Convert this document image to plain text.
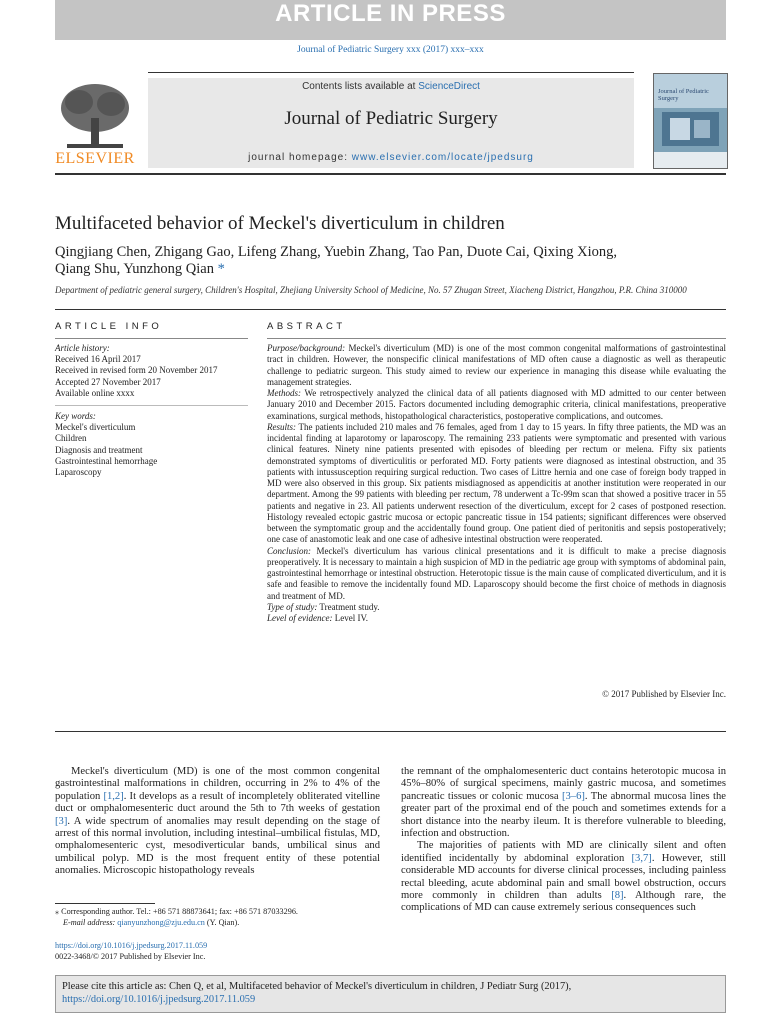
ARTICLE IN PRESS
Journal of Pediatric Surgery xxx (2017) xxx–xxx
ELSEVIER
Contents lists available at ScienceDirect
Journal of Pediatric Surgery
journal homepage: www.elsevier.com/locate/jpedsurg
Journal of Pediatric Surgery
Multifaceted behavior of Meckel's diverticulum in children
Qingjiang Chen, Zhigang Gao, Lifeng Zhang, Yuebin Zhang, Tao Pan, Duote Cai, Qixing Xiong,
Qiang Shu, Yunzhong Qian *
Department of pediatric general surgery, Children's Hospital, Zhejiang University School of Medicine, No. 57 Zhugan Street, Xiacheng District, Hangzhou, P.R. China 310000
ARTICLE INFO	ABSTRACT
Article history:
Received 16 April 2017
Received in revised form 20 November 2017
Accepted 27 November 2017
Available online xxxx
Key words:
Meckel's diverticulum
Children
Diagnosis and treatment
Gastrointestinal hemorrhage
Laparoscopy

Purpose/background: Meckel's diverticulum (MD) is one of the most common congenital malformations of gastrointestinal tract in children. However, the nonspecific clinical manifestations of MD often cause a diagnostic as well as therapeutic challenge to pediatric surgeon. This study aimed to review our experience in managing this disease while evaluating the management strategies.

Methods: We retrospectively analyzed the clinical data of all patients diagnosed with MD admitted to our center between January 2010 and December 2015. Factors documented including demographic criteria, clinical manifestations, preoperative examinations, surgical methods, histopathological characteristics, postoperative complications, and outcomes.

Results: The patients included 210 males and 76 females, aged from 1 day to 15 years. In fifty three patients, the MD was an incidental finding at laparotomy or laparoscopy. The remaining 233 patients were symptomatic and presented with various clinical features. Ninety nine patients presented with episodes of bleeding per rectum or melena. Fifty six patients demonstrated symptoms of diverticulitis or perforated MD. Forty patients were diagnosed as intestinal obstruction, and 35 patients with intussusception requiring surgical reduction. Two cases of Littre hernia and one case of foreign body trapped in MD were also observed in this group. Six patients misdiagnosed as appendicitis at another institution were reoperated in our department. Among the 99 patients with bleeding per rectum, 78 underwent a Tc-99m scan that showed a positive tracer in 55 patients and negative in 23. All patients underwent resection of the diverticulum, except for 2 cases of postponed resection. Histology revealed ectopic gastric mucosa or ectopic pancreatic tissue in 154 patients; significant differences were observed between the symptomatic group and the accidentally found group. One patient died of peritonitis and sepsis postoperatively; one case of anastomotic leak and one case of adhesive intestinal obstruction were reoperated.

Conclusion: Meckel's diverticulum has various clinical presentations and it is difficult to make a precise diagnosis preoperatively. It is necessary to maintain a high suspicion of MD in the pediatric age group with symptoms of abdominal pain, gastrointestinal hemorrhage or intestinal obstruction. Heterotopic tissue is the main cause of complicated diverticulum, and it is safe and feasible to remove the incidentally found MD. Laparoscopy should become the first choice of methods in diagnosis and treatment of MD.

Type of study: Treatment study.

Level of evidence: Level IV.

© 2017 Published by Elsevier Inc.

Meckel's diverticulum (MD) is one of the most common congenital gastrointestinal malformations in children, occurring in 2% to 4% of the population [1,2]. It develops as a result of incompletely obliterated vitelline duct or omphalomesenteric duct around the 5th to 7th weeks of gestation [3]. A wide spectrum of anomalies may result depending on the stage of arrest of this normal involution, including intestinal–umbilical fistulas, MD, omphalomesenteric cyst, mesodiverticular bands, umbilical sinus and umbilical polyp. MD is the most frequent entity of these potential anomalies. Microscopic histopathology reveals

the remnant of the omphalomesenteric duct contains heterotopic mucosa in 45%–80% of surgical specimens, mainly gastric mucosa, and sometimes pancreatic tissues or colonic mucosa [3–6]. The abnormal mucosa lines the greater part of the proximal end of the pouch and sometimes extends for a short distance into the nearby ileum. It is therefore vulnerable to bleeding, infection and obstruction.

The majorities of patients with MD are clinically silent and often identified incidentally by abdominal exploration [3,7]. However, still considerable MD accounts for diverse clinical processes, including painless rectal bleeding, acute abdominal pain and small bowel obstruction, occurs more commonly in children than adults [8]. Although rare, the complications of MD can cause extremely serious consequences such

⁎ Corresponding author. Tel.: +86 571 88873641; fax: +86 571 87033296.
E-mail address: qianyunzhong@zju.edu.cn (Y. Qian).
https://doi.org/10.1016/j.jpedsurg.2017.11.059
0022-3468/© 2017 Published by Elsevier Inc.
Please cite this article as: Chen Q, et al, Multifaceted behavior of Meckel's diverticulum in children, J Pediatr Surg (2017), https://doi.org/10.1016/j.jpedsurg.2017.11.059
